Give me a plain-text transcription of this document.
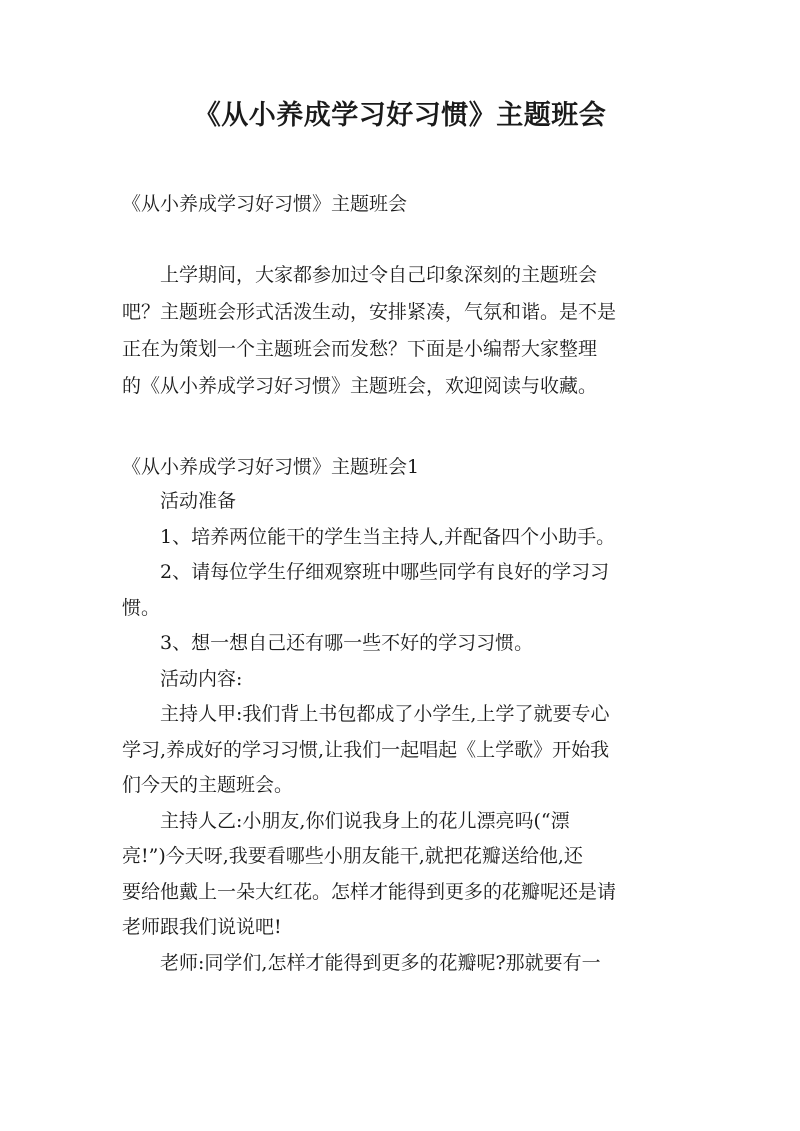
《从小养成学习好习惯》主题班会
《从小养成学习好习惯》主题班会
　　上学期间，大家都参加过令自己印象深刻的主题班会
吧？主题班会形式活泼生动，安排紧凑，气氛和谐。是不是
正在为策划一个主题班会而发愁？下面是小编帮大家整理
的《从小养成学习好习惯》主题班会，欢迎阅读与收藏。
《从小养成学习好习惯》主题班会1
　　活动准备
　　1、培养两位能干的学生当主持人,并配备四个小助手。
　　2、请每位学生仔细观察班中哪些同学有良好的学习习
惯。
　　3、想一想自己还有哪一些不好的学习习惯。
　　活动内容:
　　主持人甲:我们背上书包都成了小学生,上学了就要专心
学习,养成好的学习习惯,让我们一起唱起《上学歌》开始我
们今天的主题班会。
　　主持人乙:小朋友,你们说我身上的花儿漂亮吗(“漂
亮!”)今天呀,我要看哪些小朋友能干,就把花瓣送给他,还
要给他戴上一朵大红花。怎样才能得到更多的花瓣呢还是请
老师跟我们说说吧!
　　老师:同学们,怎样才能得到更多的花瓣呢?那就要有一
